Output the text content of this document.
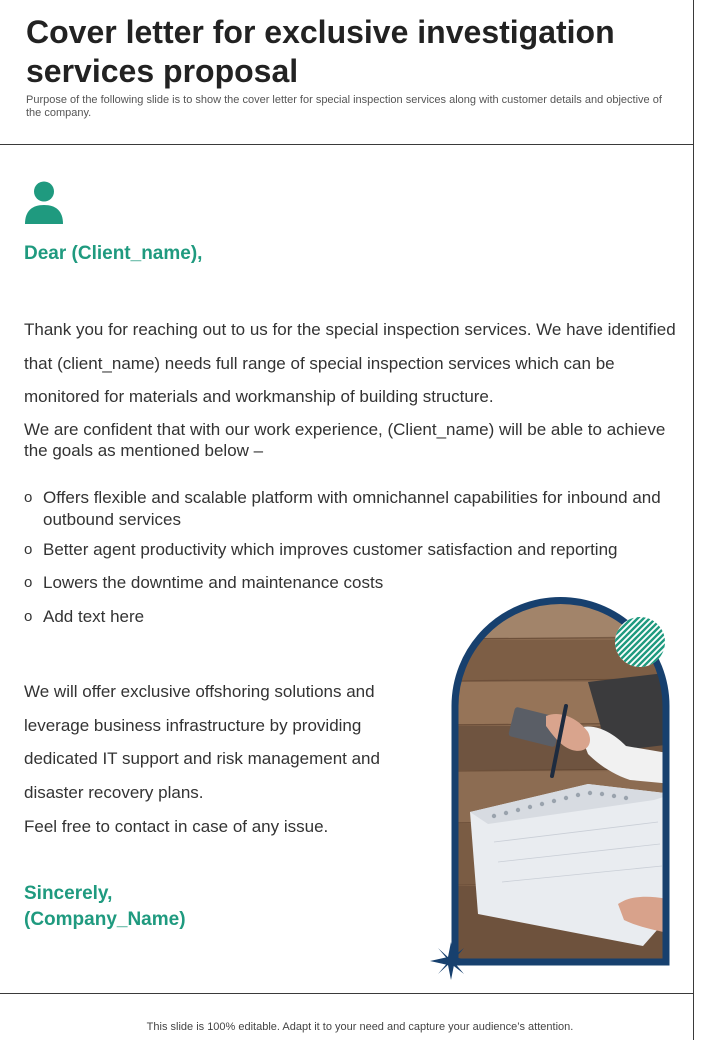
Cover letter for exclusive investigation services proposal

Purpose of the following slide is to show the cover letter for special inspection services along with customer details and objective of the company.

Dear (Client_name),

Thank you for reaching out to us for the special inspection services. We have identified that (client_name) needs full range of special inspection services which can be monitored for materials and workmanship of building structure.

We are confident that with our work experience, (Client_name) will be able to achieve the goals as mentioned below –

o Offers flexible and scalable platform with omnichannel capabilities for inbound and outbound services
o Better agent productivity which improves customer satisfaction and reporting
o Lowers the downtime and maintenance costs
o Add text here

We will offer exclusive offshoring solutions and leverage business infrastructure by providing dedicated IT support and risk management and disaster recovery plans.

Feel free to contact in case of any issue.

Sincerely,
(Company_Name)
This slide is 100% editable. Adapt it to your need and capture your audience’s attention.
